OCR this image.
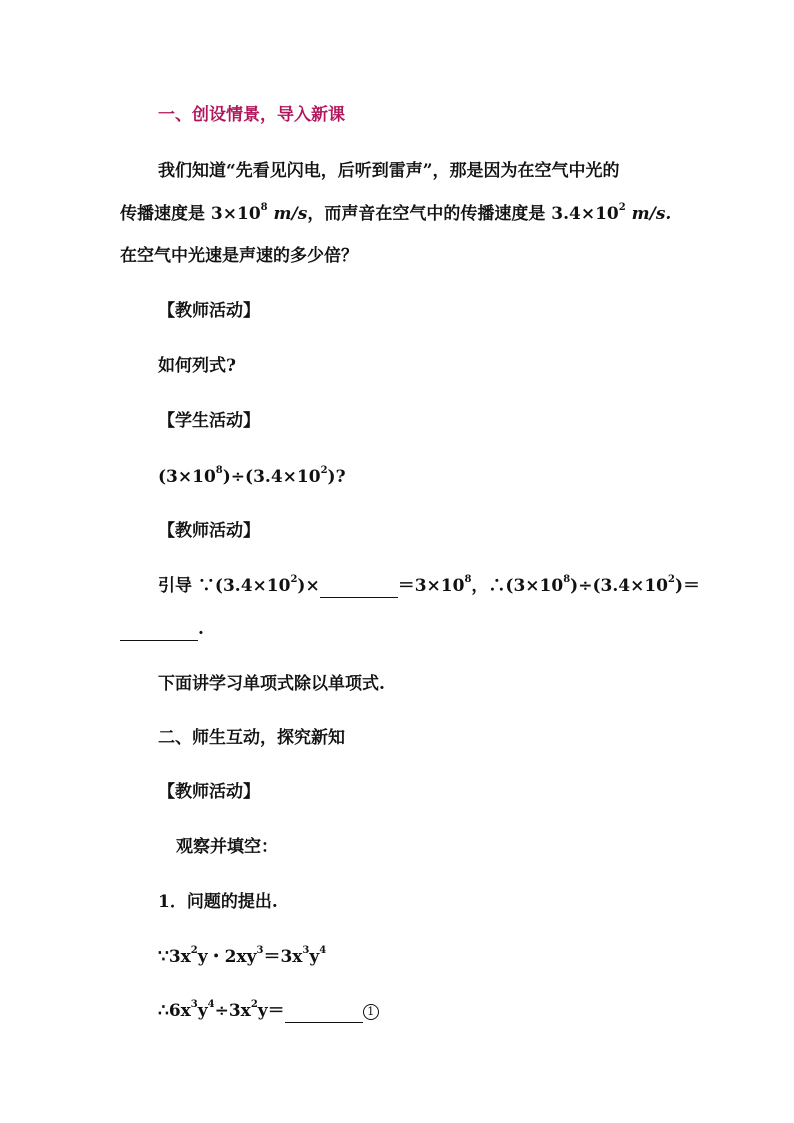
一、创设情景，导入新课
我们知道“先看见闪电，后听到雷声”，那是因为在空气中光的
传播速度是 $3\times 10^8$ m/s，而声音在空气中的传播速度是 $3.4\times 10^2$ m/s.
在空气中光速是声速的多少倍？
【教师活动】
如何列式?
【学生活动】
$(3\times 10^8)\div(3.4\times 10^2)$?
【教师活动】
引导 $\because(3.4\times 10^2)\times$	$=3\times 10^8$，$\therefore(3\times 10^8)\div(3.4\times 10^2)=$
.
下面讲学习单项式除以单项式.
二、师生互动，探究新知
【教师活动】
观察并填空：
1．问题的提出.
$\because 3x^2y$・$2xy^3=3x^3y^4$
$\therefore 6x^3y^4\div 3x^2y=$	1
